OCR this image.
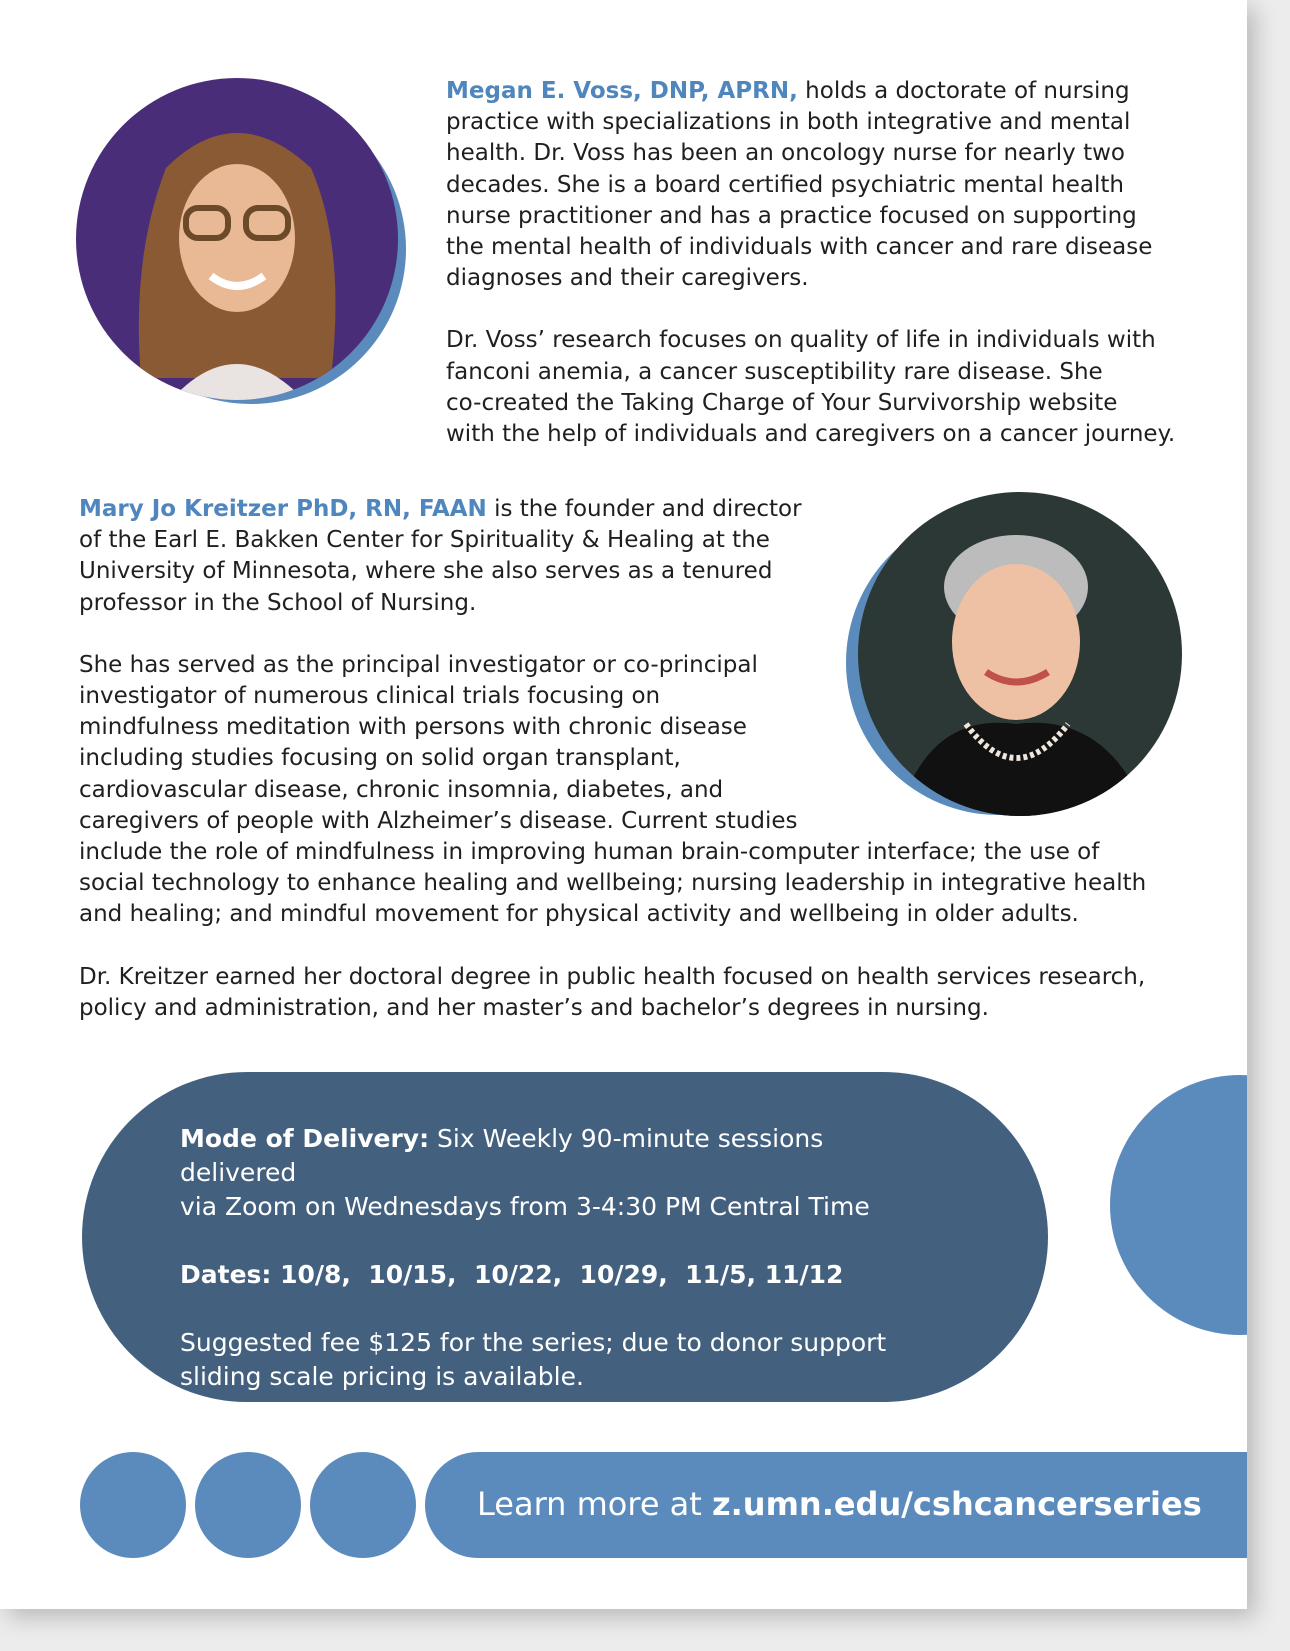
Megan E. Voss, DNP, APRN, holds a doctorate of nursing
practice with specializations in both integrative and mental
health. Dr. Voss has been an oncology nurse for nearly two
decades. She is a board certified psychiatric mental health
nurse practitioner and has a practice focused on supporting
the mental health of individuals with cancer and rare disease
diagnoses and their caregivers.

Dr. Voss’ research focuses on quality of life in individuals with
fanconi anemia, a cancer susceptibility rare disease. She
co-created the Taking Charge of Your Survivorship website
with the help of individuals and caregivers on a cancer journey.

Mary Jo Kreitzer PhD, RN, FAAN is the founder and director
of the Earl E. Bakken Center for Spirituality & Healing at the
University of Minnesota, where she also serves as a tenured
professor in the School of Nursing.

She has served as the principal investigator or co-principal
investigator of numerous clinical trials focusing on
mindfulness meditation with persons with chronic disease
including studies focusing on solid organ transplant,
cardiovascular disease, chronic insomnia, diabetes, and
caregivers of people with Alzheimer’s disease. Current studies
include the role of mindfulness in improving human brain-computer interface; the use of
social technology to enhance healing and wellbeing; nursing leadership in integrative health
and healing; and mindful movement for physical activity and wellbeing in older adults.

Dr. Kreitzer earned her doctoral degree in public health focused on health services research,
policy and administration, and her master’s and bachelor’s degrees in nursing.

Mode of Delivery: Six Weekly 90-minute sessions delivered
via Zoom on Wednesdays from 3-4:30 PM Central Time

Dates: 10/8,  10/15,  10/22,  10/29,  11/5, 11/12

Suggested fee $125 for the series; due to donor support
sliding scale pricing is available.

Learn more at z.umn.edu/cshcancerseries
